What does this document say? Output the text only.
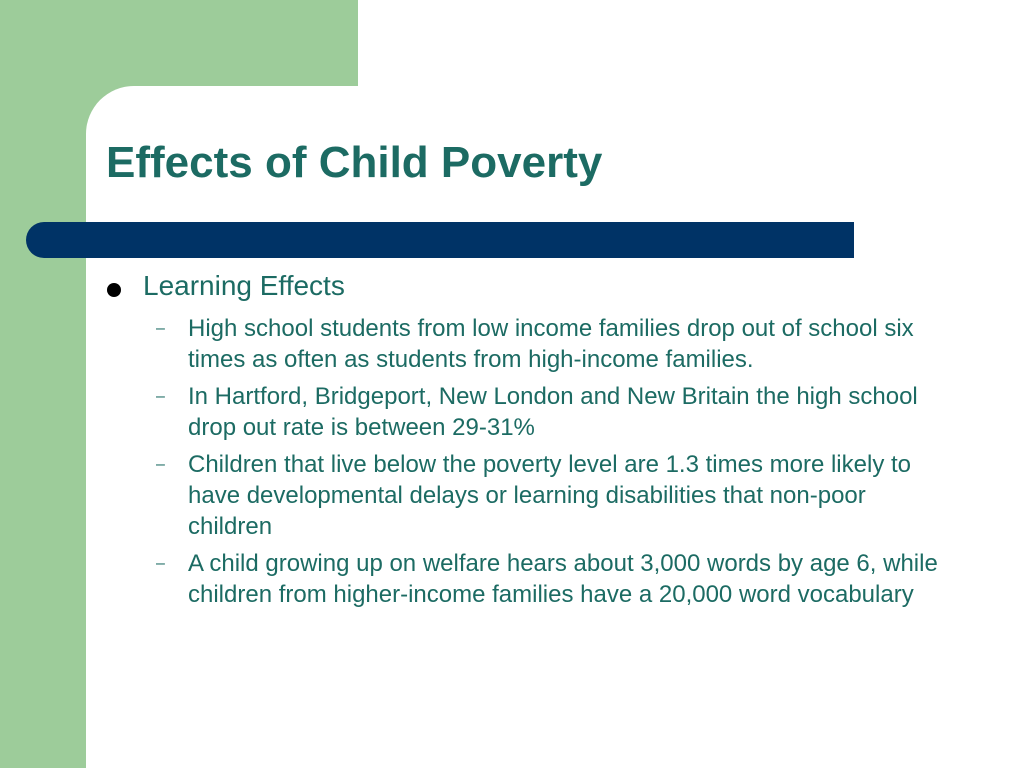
Effects of Child Poverty
Learning Effects
– High school students from low income families drop out of school six times as often as students from high-income families.
– In Hartford, Bridgeport, New London and New Britain the high school drop out rate is between 29-31%
– Children that live below the poverty level are 1.3 times more likely to have developmental delays or learning disabilities that non-poor children
– A child growing up on welfare hears about 3,000 words by age 6, while children from higher-income families have a 20,000 word vocabulary
